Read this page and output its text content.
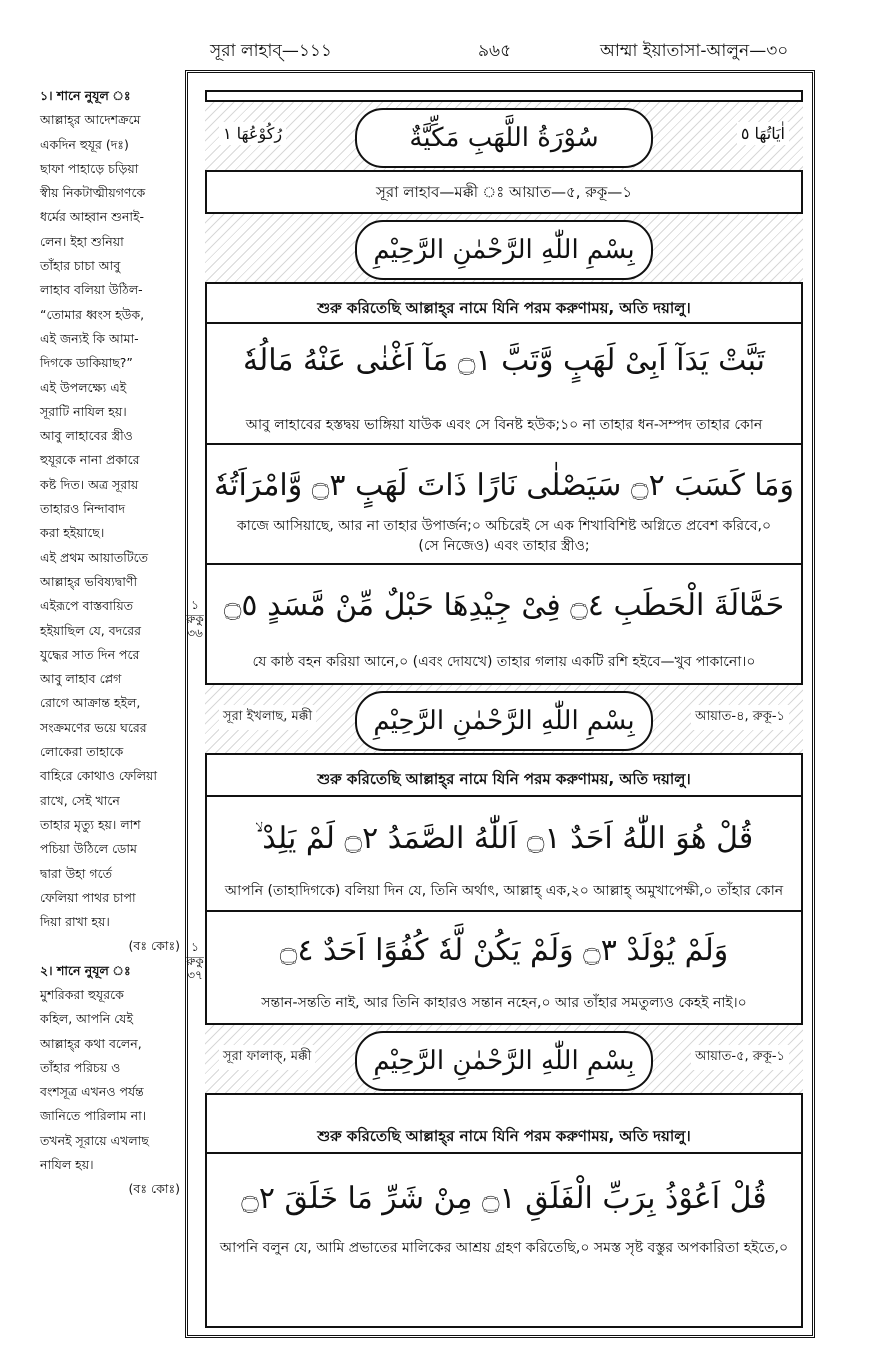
সূরা লাহাব্—১১১	৯৬৫	আম্মা ইয়াতাসা-আলুন—৩০

১। শানে নুযূল ঃ

আল্লাহ্‌র আদেশক্রমে

একদিন হুযূর (দঃ)

ছাফা পাহাড়ে চড়িয়া

স্বীয় নিকটাত্মীয়গণকে

ধর্মের আহ্বান শুনাই-

লেন। ইহা শুনিয়া

তাঁহার চাচা আবু

লাহাব বলিয়া উঠিল-

“তোমার ধ্বংস হউক,

এই জন্যই কি আমা-

দিগকে ডাকিয়াছ?”

এই উপলক্ষ্যে এই

সূরাটি নাযিল হয়।

আবু লাহাবের স্ত্রীও

হুযূরকে নানা প্রকারে

কষ্ট দিত। অত্র সূরায়

তাহারও নিন্দাবাদ

করা হইয়াছে।

এই প্রথম আয়াতটিতে

আল্লাহ্‌র ভবিষ্যদ্বাণী

এইরূপে বাস্তবায়িত

হইয়াছিল যে, বদরের

যুদ্ধের সাত দিন পরে

আবু লাহাব প্লেগ

রোগে আক্রান্ত হইল,

সংক্রমণের ভয়ে ঘরের

লোকেরা তাহাকে

বাহিরে কোথাও ফেলিয়া

রাখে, সেই খানে

তাহার মৃত্যু হয়। লাশ

পচিয়া উঠিলে ডোম

দ্বারা উহা গর্তে

ফেলিয়া পাথর চাপা

দিয়া রাখা হয়।

(বঃ কোঃ)

২। শানে নুযূল ঃ

মুশরিকরা হুযূরকে

কহিল, আপনি যেই

আল্লাহ্‌র কথা বলেন,

তাঁহার পরিচয় ও

বংশসূত্র এখনও পর্যন্ত

জানিতে পারিলাম না।

তখনই সূরায়ে এখলাছ

নাযিল হয়।

(বঃ কোঃ)

১
রুকু
৩৬
১
রুকু
৩৭
رُكُوْعُهَا ١	سُوْرَةُ اللَّهَبِ مَكِّيَّةٌ	اٰيَاتُهَا ٥
সূরা লাহাব—মক্কী ঃ আয়াত—৫, রুকূ—১
بِسْمِ اللّٰهِ الرَّحْمٰنِ الرَّحِيْمِ
শুরু করিতেছি আল্লাহ্‌র নামে যিনি পরম করুণাময়, অতি দয়ালু।
تَبَّتْ يَدَآ اَبِىْ لَهَبٍ وَّتَبَّ ۝١ مَآ اَغْنٰى عَنْهُ مَالُهٗ
আবু লাহাবের হস্তদ্বয় ভাঙ্গিয়া যাউক এবং সে বিনষ্ট হউক;১০ না তাহার ধন-সম্পদ তাহার কোন
وَمَا كَسَبَ ۝٢ سَيَصْلٰى نَارًا ذَاتَ لَهَبٍ ۝٣ وَّامْرَاَتُهٗ
কাজে আসিয়াছে, আর না তাহার উপার্জন;০ অচিরেই সে এক শিখাবিশিষ্ট অগ্নিতে প্রবেশ করিবে,০
(সে নিজেও) এবং তাহার স্ত্রীও;
حَمَّالَةَ الْحَطَبِ ۝٤ فِىْ جِيْدِهَا حَبْلٌ مِّنْ مَّسَدٍ ۝٥
যে কাষ্ঠ বহন করিয়া আনে,০ (এবং দোযখে) তাহার গলায় একটি রশি হইবে—খুব পাকানো।০
সূরা ইখলাছ, মক্কী	بِسْمِ اللّٰهِ الرَّحْمٰنِ الرَّحِيْمِ	আয়াত-৪, রুকূ-১
শুরু করিতেছি আল্লাহ্‌র নামে যিনি পরম করুণাময়, অতি দয়ালু।
قُلْ هُوَ اللّٰهُ اَحَدٌ ۝١ اَللّٰهُ الصَّمَدُ ۝٢ لَمْ يَلِدْ ۙ
আপনি (তাহাদিগকে) বলিয়া দিন যে, তিনি অর্থাৎ, আল্লাহ্ এক,২০ আল্লাহ্ অমুখাপেক্ষী,০ তাঁহার কোন
وَلَمْ يُوْلَدْ ۝٣ وَلَمْ يَكُنْ لَّهٗ كُفُوًا اَحَدٌ ۝٤
সন্তান-সন্ততি নাই, আর তিনি কাহারও সন্তান নহেন,০ আর তাঁহার সমতুল্যও কেহই নাই।০
সূরা ফালাক্, মক্কী	بِسْمِ اللّٰهِ الرَّحْمٰنِ الرَّحِيْمِ	আয়াত-৫, রুকূ-১
শুরু করিতেছি আল্লাহ্‌র নামে যিনি পরম করুণাময়, অতি দয়ালু।
قُلْ اَعُوْذُ بِرَبِّ الْفَلَقِ ۝١ مِنْ شَرِّ مَا خَلَقَ ۝٢
আপনি বলুন যে, আমি প্রভাতের মালিকের আশ্রয় গ্রহণ করিতেছি,০ সমস্ত সৃষ্ট বস্তুর অপকারিতা হইতে,০
